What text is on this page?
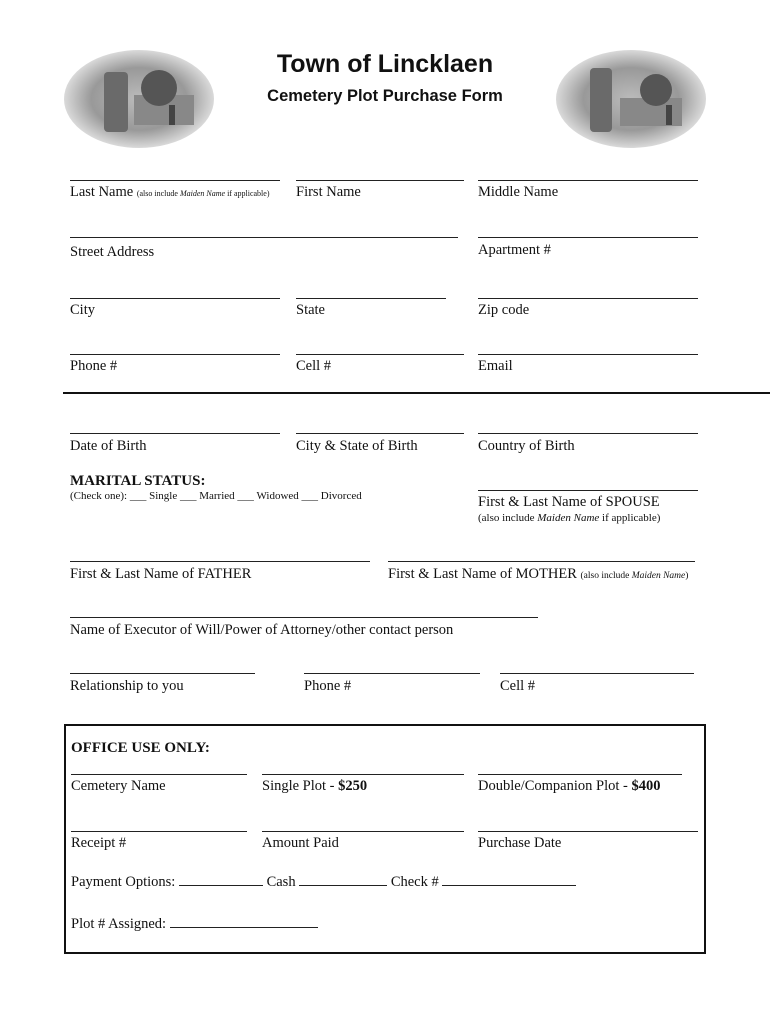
Town of Lincklaen
Cemetery Plot Purchase Form
Last Name (also include Maiden Name if applicable) First Name	Middle Name
Street Address	Apartment #
City	State	Zip code
Phone #	Cell #	Email
Date of Birth	City & State of Birth	Country of Birth
MARITAL STATUS:
(Check one): ___ Single ___ Married ___ Widowed ___ Divorced	First & Last Name of SPOUSE
(also include Maiden Name if applicable)
First & Last Name of FATHER	First & Last Name of MOTHER (also include Maiden Name)
Name of Executor of Will/Power of Attorney/other contact person
Relationship to you	Phone #	Cell #
OFFICE USE ONLY:
Cemetery Name	Single Plot - $250	Double/Companion Plot - $400
Receipt #	Amount Paid	Purchase Date
Payment Options:	Cash	Check #
Plot # Assigned:
